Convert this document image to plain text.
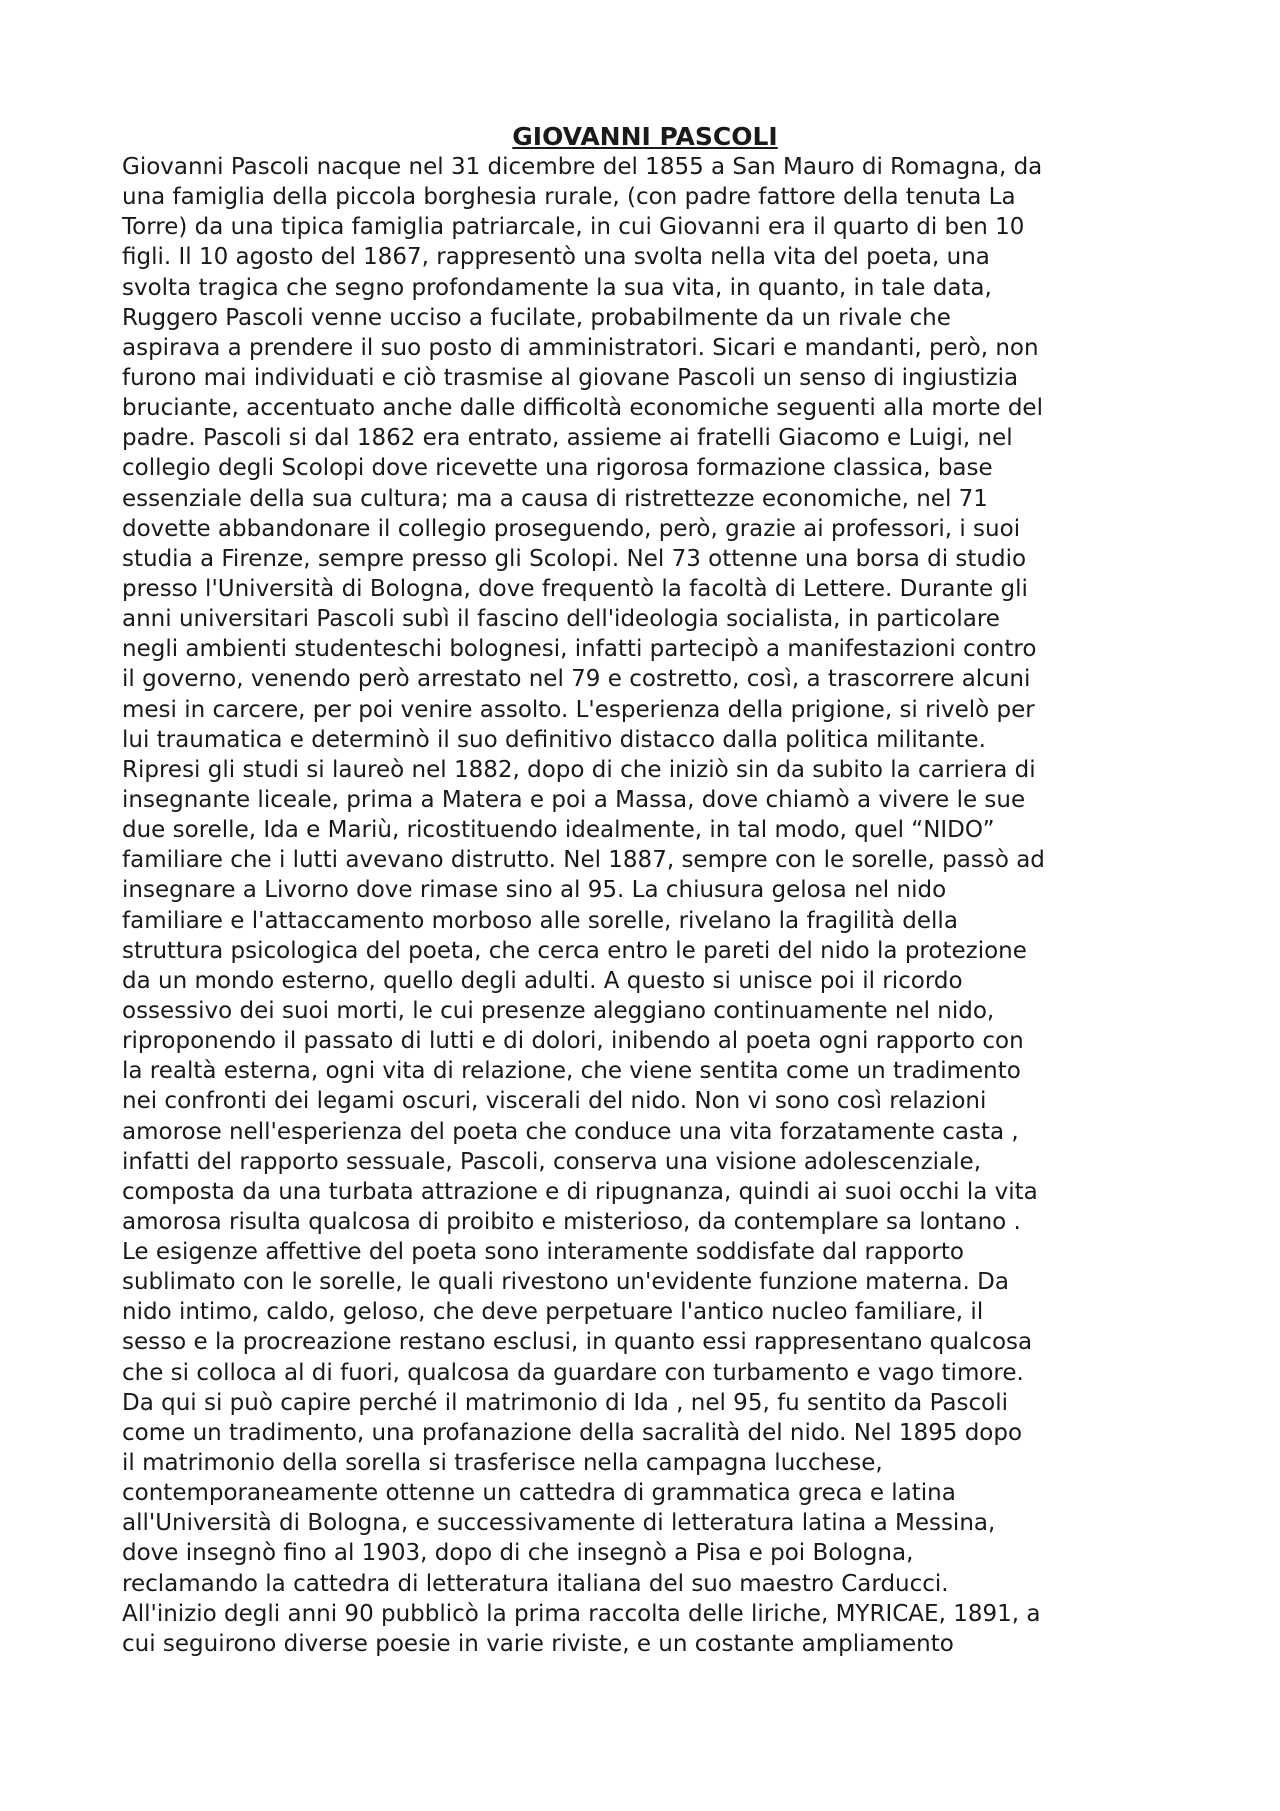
GIOVANNI PASCOLI
Giovanni Pascoli nacque nel 31 dicembre del 1855 a San Mauro di Romagna, da
una famiglia della piccola borghesia rurale, (con padre fattore della tenuta La
Torre) da una tipica famiglia patriarcale, in cui Giovanni era il quarto di ben 10
figli. Il 10 agosto del 1867, rappresentò una svolta nella vita del poeta, una
svolta tragica che segno profondamente la sua vita, in quanto, in tale data,
Ruggero Pascoli venne ucciso a fucilate, probabilmente da un rivale che
aspirava a prendere il suo posto di amministratori. Sicari e mandanti, però, non
furono mai individuati e ciò trasmise al giovane Pascoli un senso di ingiustizia
bruciante, accentuato anche dalle difficoltà economiche seguenti alla morte del
padre. Pascoli si dal 1862 era entrato, assieme ai fratelli Giacomo e Luigi, nel
collegio degli Scolopi dove ricevette una rigorosa formazione classica, base
essenziale della sua cultura; ma a causa di ristrettezze economiche, nel 71
dovette abbandonare il collegio proseguendo, però, grazie ai professori, i suoi
studia a Firenze, sempre presso gli Scolopi. Nel 73 ottenne una borsa di studio
presso l'Università di Bologna, dove frequentò la facoltà di Lettere. Durante gli
anni universitari Pascoli subì il fascino dell'ideologia socialista, in particolare
negli ambienti studenteschi bolognesi, infatti partecipò a manifestazioni contro
il governo, venendo però arrestato nel 79 e costretto, così, a trascorrere alcuni
mesi in carcere, per poi venire assolto. L'esperienza della prigione, si rivelò per
lui traumatica e determinò il suo definitivo distacco dalla politica militante.
Ripresi gli studi si laureò nel 1882, dopo di che iniziò sin da subito la carriera di
insegnante liceale, prima a Matera e poi a Massa, dove chiamò a vivere le sue
due sorelle, Ida e Mariù, ricostituendo idealmente, in tal modo, quel “NIDO”
familiare che i lutti avevano distrutto. Nel 1887, sempre con le sorelle, passò ad
insegnare a Livorno dove rimase sino al 95. La chiusura gelosa nel nido
familiare e l'attaccamento morboso alle sorelle, rivelano la fragilità della
struttura psicologica del poeta, che cerca entro le pareti del nido la protezione
da un mondo esterno, quello degli adulti. A questo si unisce poi il ricordo
ossessivo dei suoi morti, le cui presenze aleggiano continuamente nel nido,
riproponendo il passato di lutti e di dolori, inibendo al poeta ogni rapporto con
la realtà esterna, ogni vita di relazione, che viene sentita come un tradimento
nei confronti dei legami oscuri, viscerali del nido. Non vi sono così relazioni
amorose nell'esperienza del poeta che conduce una vita forzatamente casta ,
infatti del rapporto sessuale, Pascoli, conserva una visione adolescenziale,
composta da una turbata attrazione e di ripugnanza, quindi ai suoi occhi la vita
amorosa risulta qualcosa di proibito e misterioso, da contemplare sa lontano .
Le esigenze affettive del poeta sono interamente soddisfate dal rapporto
sublimato con le sorelle, le quali rivestono un'evidente funzione materna. Da
nido intimo, caldo, geloso, che deve perpetuare l'antico nucleo familiare, il
sesso e la procreazione restano esclusi, in quanto essi rappresentano qualcosa
che si colloca al di fuori, qualcosa da guardare con turbamento e vago timore.
Da qui si può capire perché il matrimonio di Ida , nel 95, fu sentito da Pascoli
come un tradimento, una profanazione della sacralità del nido. Nel 1895 dopo
il matrimonio della sorella si trasferisce nella campagna lucchese,
contemporaneamente ottenne un cattedra di grammatica greca e latina
all'Università di Bologna, e successivamente di letteratura latina a Messina,
dove insegnò fino al 1903, dopo di che insegnò a Pisa e poi Bologna,
reclamando la cattedra di letteratura italiana del suo maestro Carducci.
All'inizio degli anni 90 pubblicò la prima raccolta delle liriche, MYRICAE, 1891, a
cui seguirono diverse poesie in varie riviste, e un costante ampliamento
